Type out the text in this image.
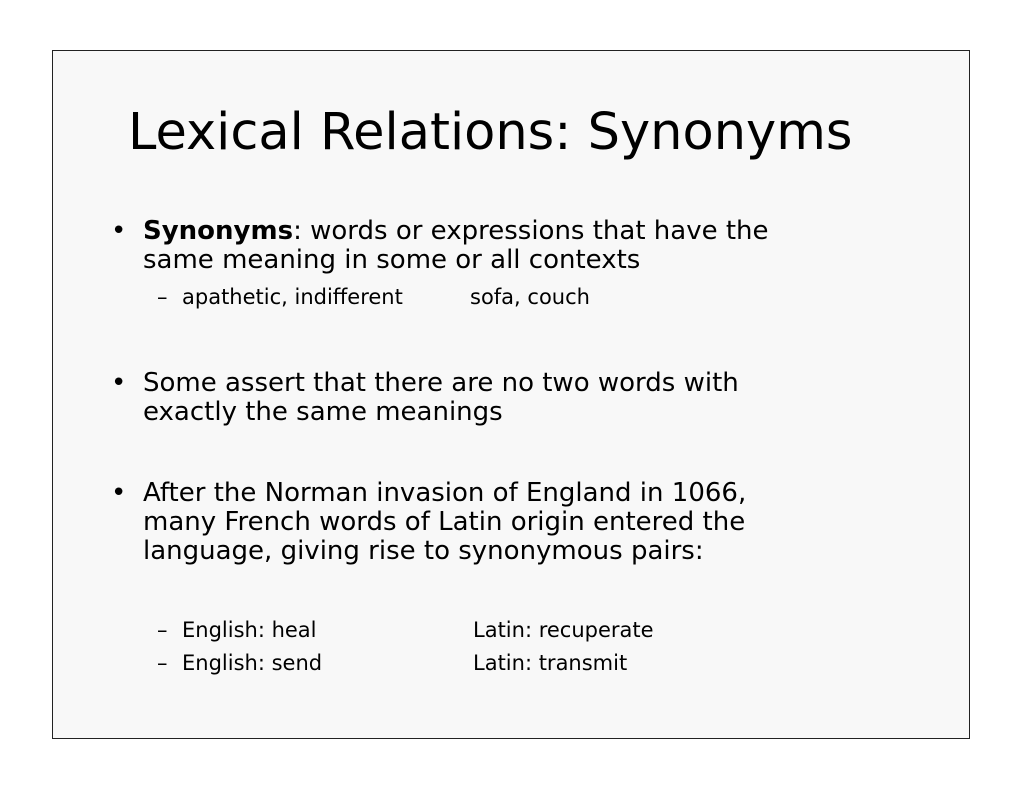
Lexical Relations: Synonyms
• Synonyms: words or expressions that have the
same meaning in some or all contexts
– apathetic, indifferent	sofa, couch
• Some assert that there are no two words with
exactly the same meanings
• After the Norman invasion of England in 1066,
many French words of Latin origin entered the
language, giving rise to synonymous pairs:
– English: heal	Latin: recuperate
– English: send	Latin: transmit
